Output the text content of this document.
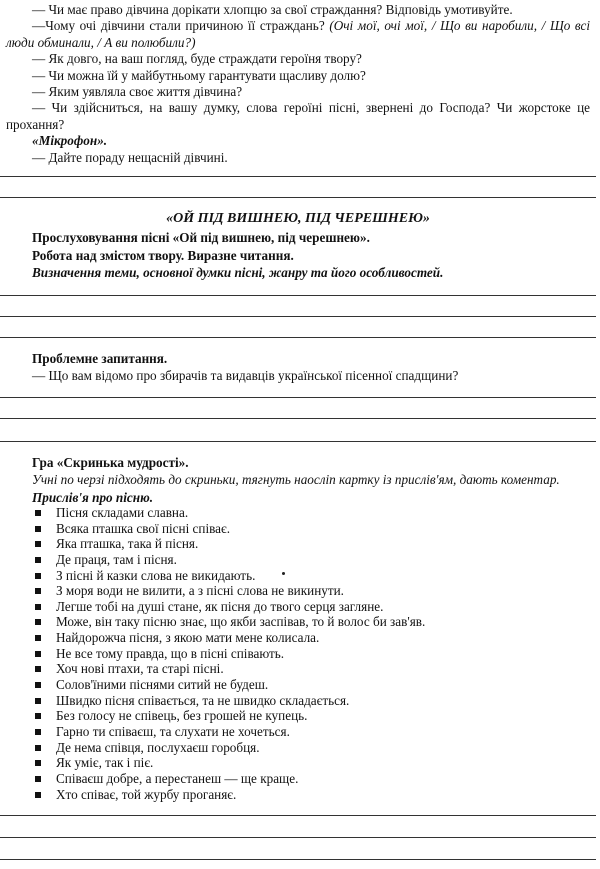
— Чи має право дівчина дорікати хлопцю за свої страждання? Відповідь умотивуйте.

—Чому очі дівчини стали причиною її страждань? (Очі мої, очі мої, / Що ви наробили, / Що всі люди обминали, / А ви полюбили?)

— Як довго, на ваш погляд, буде страждати героїня твору?

— Чи можна їй у майбутньому гарантувати щасливу долю?

— Яким уявляла своє життя дівчина?

— Чи здійсниться, на вашу думку, слова героїні пісні, звернені до Господа? Чи жорстоке це прохання?

«Мікрофон».

— Дайте пораду нещасній дівчині.

«ОЙ ПІД ВИШНЕЮ, ПІД ЧЕРЕШНЕЮ»

Прослуховування пісні «Ой під вишнею, під черешнею».

Робота над змістом твору. Виразне читання.

Визначення теми, основної думки пісні, жанру та його особливостей.

Проблемне запитання.

— Що вам відомо про збирачів та видавців української пісенної спадщини?

Гра «Скринька мудрості».

Учні по черзі підходять до скриньки, тягнуть наосліп картку із прислів'ям, дають коментар.

Прислів'я про пісню.

Пісня складами славна.
Всяка пташка свої пісні співає.
Яка пташка, така й пісня.
Де праця, там і пісня.
З пісні й казки слова не викидають.
З моря води не вилити, а з пісні слова не викинути.
Легше тобі на душі стане, як пісня до твого серця загляне.
Може, він таку пісню знає, що якби заспівав, то й волос би зав'яв.
Найдорожча пісня, з якою мати мене колисала.
Не все тому правда, що в пісні співають.
Хоч нові птахи, та старі пісні.
Солов'їними піснями ситий не будеш.
Швидко пісня співається, та не швидко складається.
Без голосу не співець, без грошей не купець.
Гарно ти співаєш, та слухати не хочеться.
Де нема співця, послухаєш горобця.
Як уміє, так і піє.
Співаєш добре, а перестанеш — ще краще.
Хто співає, той журбу проганяє.
